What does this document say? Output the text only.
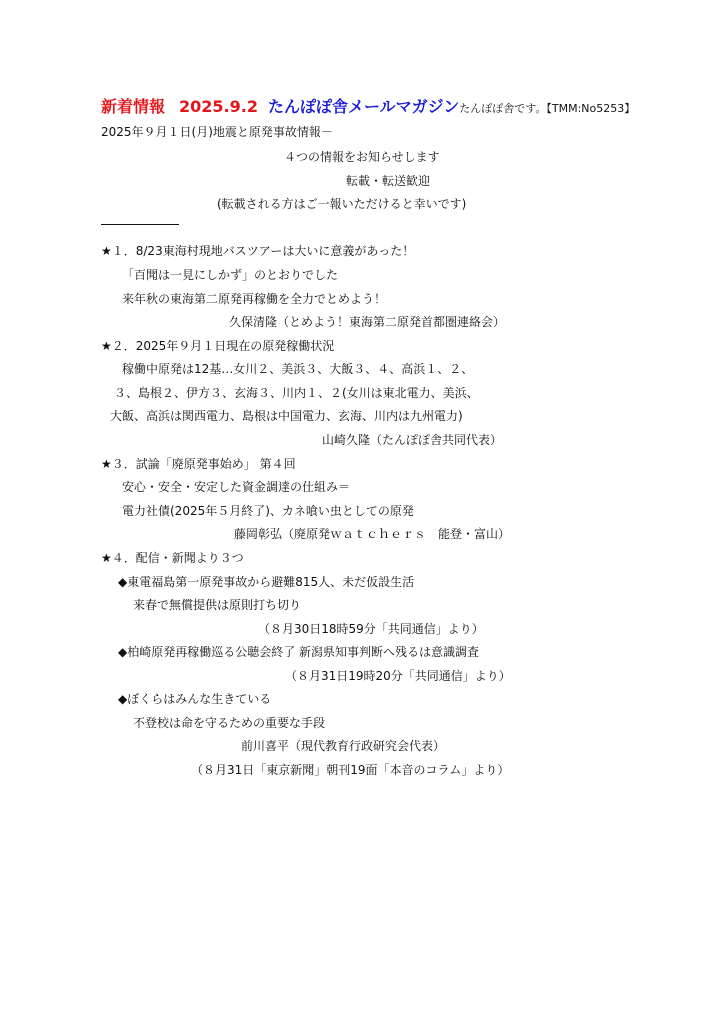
新着情報 2025.9.2 たんぽぽ舎メールマガジンたんぽぽ舎です。【TMM:No5253】
2025年９月１日(月)地震と原発事故情報－
４つの情報をお知らせします
転載・転送歓迎
(転載される方はご一報いただけると幸いです)
★１．8/23東海村現地バスツアーは大いに意義があった！
「百聞は一見にしかず」のとおりでした
来年秋の東海第二原発再稼働を全力でとめよう！
久保清隆（とめよう！東海第二原発首都圏連絡会）
★２．2025年９月１日現在の原発稼働状況
稼働中原発は12基…女川２、美浜３、大飯３、４、高浜１、２、
３、島根２、伊方３、玄海３、川内１、２(女川は東北電力、美浜、
大飯、高浜は関西電力、島根は中国電力、玄海、川内は九州電力)
山崎久隆（たんぽぽ舎共同代表）
★３．試論「廃原発事始め」 第４回
安心・安全・安定した資金調達の仕組み＝
電力社債(2025年５月終了)、カネ喰い虫としての原発
藤岡彰弘（廃原発ｗａｔｃｈｅｒｓ　能登・富山）
★４．配信・新聞より３つ
◆東電福島第一原発事故から避難815人、未だ仮設生活
来春で無償提供は原則打ち切り
（８月30日18時59分「共同通信」より）
◆柏崎原発再稼働巡る公聴会終了 新潟県知事判断へ残るは意識調査
（８月31日19時20分「共同通信」より）
◆ぼくらはみんな生きている
不登校は命を守るための重要な手段
前川喜平（現代教育行政研究会代表）
（８月31日「東京新聞」朝刊19面「本音のコラム」より）
